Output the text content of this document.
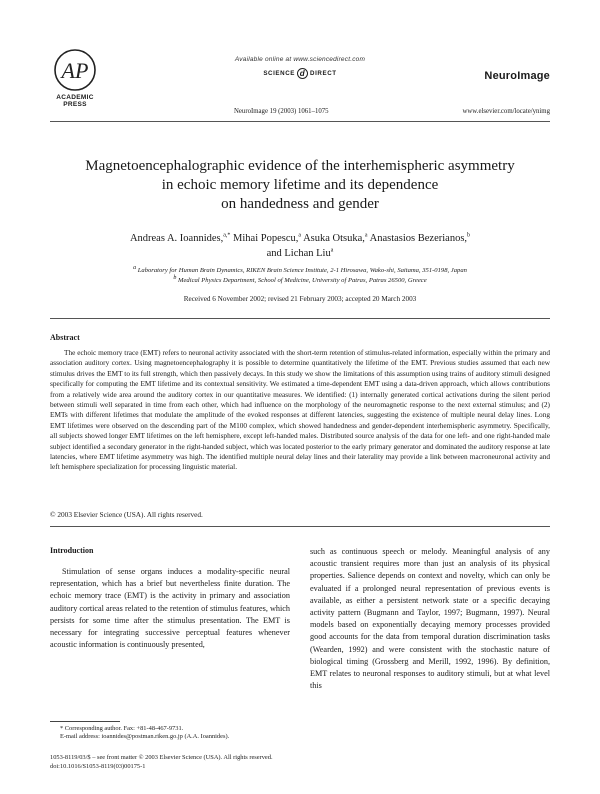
AP
ACADEMIC PRESS
Available online at www.sciencedirect.com
SCIENCE d DIRECT	NeuroImage
NeuroImage 19 (2003) 1061–1075	www.elsevier.com/locate/ynimg
Magnetoencephalographic evidence of the interhemispheric asymmetry
in echoic memory lifetime and its dependence
on handedness and gender
Andreas A. Ioannides,$^{a,*}$ Mihai Popescu,$^a$ Asuka Otsuka,$^a$ Anastasios Bezerianos,$^b$
and Lichan Liu$^a$
$^a$ Laboratory for Human Brain Dynamics, RIKEN Brain Science Institute, 2-1 Hirosawa, Wako-shi, Saitama, 351-0198, Japan
$^b$ Medical Physics Department, School of Medicine, University of Patras, Patras 26500, Greece
Received 6 November 2002; revised 21 February 2003; accepted 20 March 2003
Abstract

The echoic memory trace (EMT) refers to neuronal activity associated with the short-term retention of stimulus-related information, especially within the primary and association auditory cortex. Using magnetoencephalography it is possible to determine quantitatively the lifetime of the EMT. Previous studies assumed that each new stimulus drives the EMT to its full strength, which then passively decays. In this study we show the limitations of this assumption using trains of auditory stimuli designed specifically for computing the EMT lifetime and its contextual sensitivity. We estimated a time-dependent EMT using a data-driven approach, which allows contributions from a relatively wide area around the auditory cortex in our quantitative measures. We identified: (1) internally generated cortical activations during the silent period between stimuli well separated in time from each other, which had influence on the morphology of the neuromagnetic response to the next external stimulus; and (2) EMTs with different lifetimes that modulate the amplitude of the evoked responses at different latencies, suggesting the existence of multiple neural delay lines. Long EMT lifetimes were observed on the descending part of the M100 complex, which showed handedness and gender-dependent interhemispheric asymmetry. Specifically, all subjects showed longer EMT lifetimes on the left hemisphere, except left-handed males. Distributed source analysis of the data for one left- and one right-handed male subject identified a secondary generator in the right-handed subject, which was located posterior to the early primary generator and dominated the auditory response at late latencies, where EMT lifetime asymmetry was high. The identified multiple neural delay lines and their laterality may provide a link between macroneuronal activity and left hemisphere specialization for processing linguistic material.

© 2003 Elsevier Science (USA). All rights reserved.
Introduction
Stimulation of sense organs induces a modality-specific neural representation, which has a brief but nevertheless finite duration. The echoic memory trace (EMT) is the activity in primary and association auditory cortical areas related to the retention of stimulus features, which persists for some time after the stimulus presentation. The EMT is necessary for integrating successive perceptual features whenever acoustic information is continuously presented,
such as continuous speech or melody. Meaningful analysis of any acoustic transient requires more than just an analysis of its physical properties. Salience depends on context and novelty, which can only be evaluated if a prolonged neural representation of previous events is available, as either a persistent network state or a specific decaying activity pattern (Bugmann and Taylor, 1997; Bugmann, 1997). Neural models based on exponentially decaying memory processes provided good accounts for the data from temporal duration discrimination tasks (Wearden, 1992) and were consistent with the stochastic nature of biological timing (Grossberg and Merill, 1992, 1996). By definition, EMT relates to neuronal responses to auditory stimuli, but at what level this
* Corresponding author. Fax: +81-48-467-9731.
E-mail address: ioannides@postman.riken.go.jp (A.A. Ioannides).
1053-8119/03/$ – see front matter © 2003 Elsevier Science (USA). All rights reserved.
doi:10.1016/S1053-8119(03)00175-1
